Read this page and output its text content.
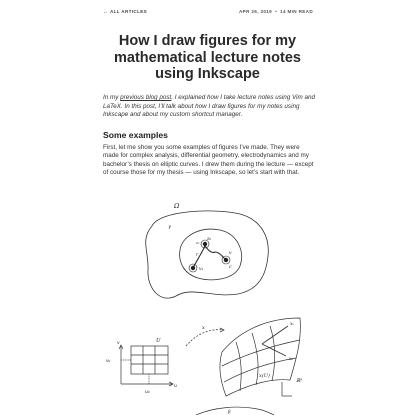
← ALL ARTICLES	APR 26, 2019 • 14 MIN READ
How I draw figures for my mathematical lecture notes using Inkscape

In my previous blog post, I explained how I take lecture notes using Vim and LaTeX. In this post, I’ll talk about how I draw figures for my notes using Inkscape and about my custom shortcut manager.

Some examples

First, let me show you some examples of figures I’ve made. They were made for complex analysis, differential geometry, electrodynamics and my bachelor’s thesis on elliptic curves. I drew them during the lecture — except of course those for my thesis — using Inkscape, so let’s start with that.

Ω
γ
z₀
z₁
v₁
r
c
v
U
v₀
v
u
u₀
x
xᵥ
xᵤ
x(U)
ℝ³
β
